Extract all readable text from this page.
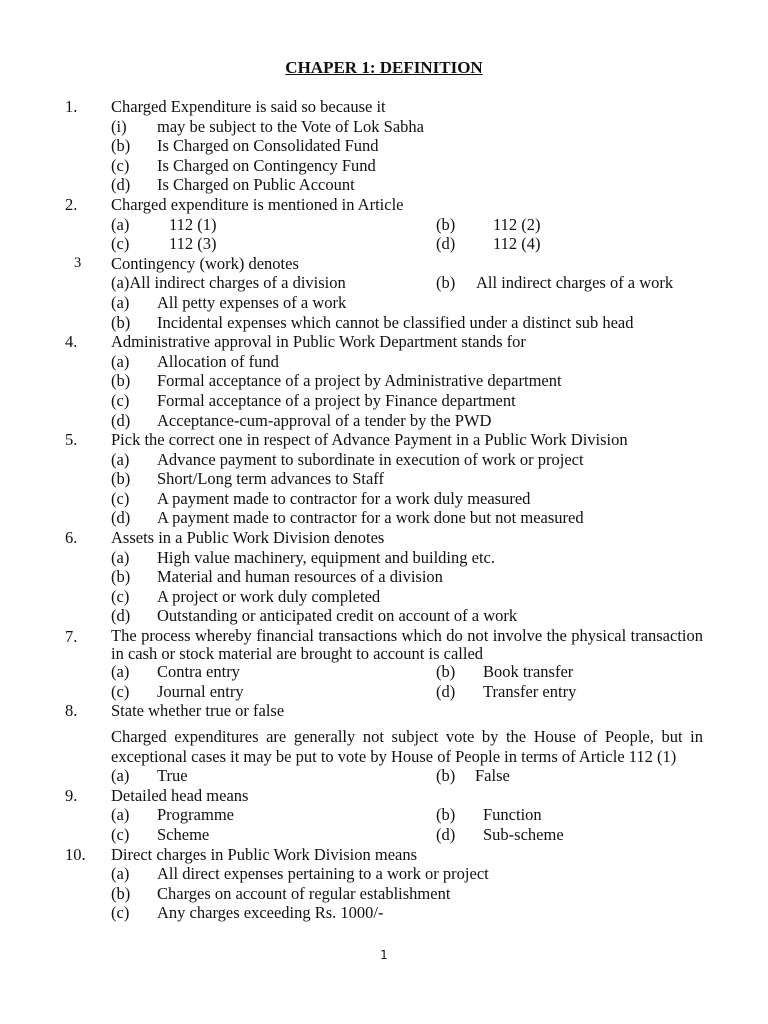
CHAPER 1: DEFINITION
1. Charged Expenditure is said so because it
(i) may be subject to the Vote of Lok Sabha
(b) Is Charged on Consolidated Fund
(c) Is Charged on Contingency Fund
(d) Is Charged on Public Account
2. Charged expenditure is mentioned in Article
(a) 112 (1)	(b) 112 (2)
(c) 112 (3)	(d) 112 (4)
3 Contingency (work) denotes
(a)All indirect charges of a division	(b) All indirect charges of a work
(a) All petty expenses of a work
(b) Incidental expenses which cannot be classified under a distinct sub head
4. Administrative approval in Public Work Department stands for
(a) Allocation of fund
(b) Formal acceptance of a project by Administrative department
(c) Formal acceptance of a project by Finance department
(d) Acceptance-cum-approval of a tender by the PWD
5. Pick the correct one in respect of Advance Payment in a Public Work Division
(a) Advance payment to subordinate in execution of work or project
(b) Short/Long term advances to Staff
(c) A payment made to contractor for a work duly measured
(d) A payment made to contractor for a work done but not measured
6. Assets in a Public Work Division denotes
(a) High value machinery, equipment and building etc.
(b) Material and human resources of a division
(c) A project or work duly completed
(d) Outstanding or anticipated credit on account of a work
7. The process whereby financial transactions which do not involve the physical transaction in cash or stock material are brought to account is called
(a) Contra entry	(b) Book transfer
(c) Journal entry	(d) Transfer entry
8. State whether true or false
Charged expenditures are generally not subject vote by the House of People, but in exceptional cases it may be put to vote by House of People in terms of Article 112 (1)
(a) True	(b) False
9. Detailed head means
(a) Programme	(b) Function
(c) Scheme	(d) Sub-scheme
10. Direct charges in Public Work Division means
(a) All direct expenses pertaining to a work or project
(b) Charges on account of regular establishment
(c) Any charges exceeding Rs. 1000/-
1
